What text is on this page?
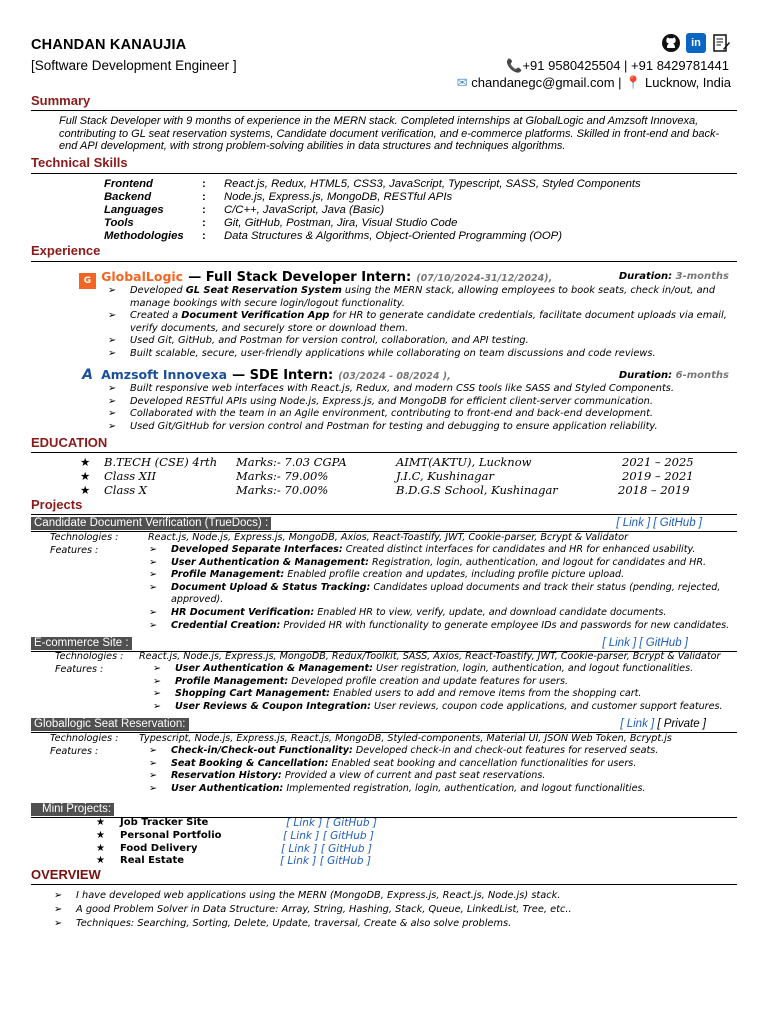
CHANDAN KANAUJIA
[Software Development Engineer ]
in
📞+91 9580425504 | +91 8429781441
✉ chandanegc@gmail.com | 📍 Lucknow, India
Summary
Full Stack Developer with 9 months of experience in the MERN stack. Completed internships at GlobalLogic and Amzsoft Innovexa, contributing to GL seat reservation systems, Candidate document verification, and e-commerce platforms. Skilled in front-end and back-end API development, with strong problem-solving abilities in data structures and techniques algorithms.
Technical Skills
Frontend	:	React.js, Redux, HTML5, CSS3, JavaScript, Typescript, SASS, Styled Components
Backend	:	Node.js, Express.js, MongoDB, RESTful APIs
Languages	:	C/C++, JavaScript, Java (Basic)
Tools	:	Git, GitHub, Postman, Jira, Visual Studio Code
Methodologies	:	Data Structures & Algorithms, Object-Oriented Programming (OOP)
Experience
G GlobalLogic — Full Stack Developer Intern: (07/10/2024-31/12/2024),	Duration: 3-months
➢ Developed GL Seat Reservation System using the MERN stack, allowing employees to book seats, check in/out, and manage bookings with secure login/logout functionality.
➢ Created a Document Verification App for HR to generate candidate credentials, facilitate document uploads via email, verify documents, and securely store or download them.
➢ Used Git, GitHub, and Postman for version control, collaboration, and API testing.
➢ Built scalable, secure, user-friendly applications while collaborating on team discussions and code reviews.
A Amzsoft Innovexa — SDE Intern: (03/2024 - 08/2024 ),	Duration: 6-months
➢ Built responsive web interfaces with React.js, Redux, and modern CSS tools like SASS and Styled Components.
➢ Developed RESTful APIs using Node.js, Express.js, and MongoDB for efficient client-server communication.
➢ Collaborated with the team in an Agile environment, contributing to front-end and back-end development.
➢ Used Git/GitHub for version control and Postman for testing and debugging to ensure application reliability.
EDUCATION
★ B.TECH (CSE) 4rth Marks:- 7.03 CGPA	AIMT(AKTU), Lucknow	2021 – 2025
★ Class XII	Marks:- 79.00%	J.I.C, Kushinagar	2019 – 2021
★ Class X	Marks:- 70.00%	B.D.G.S School, Kushinagar	2018 – 2019
Projects
Candidate Document Verification (TrueDocs) :	[ Link ] [ GitHub ]
Technologies :	React.js, Node.js, Express.js, MongoDB, Axios, React-Toastify, JWT, Cookie-parser, Bcrypt & Validator
Features :	➢ Developed Separate Interfaces: Created distinct interfaces for candidates and HR for enhanced usability.
➢ User Authentication & Management: Registration, login, authentication, and logout for candidates and HR.
➢ Profile Management: Enabled profile creation and updates, including profile picture upload.
➢ Document Upload & Status Tracking: Candidates upload documents and track their status (pending, rejected, approved).
➢ HR Document Verification: Enabled HR to view, verify, update, and download candidate documents.
➢ Credential Creation: Provided HR with functionality to generate employee IDs and passwords for new candidates.
E-commerce Site :	[ Link ] [ GitHub ]
Technologies : React.js, Node.js, Express.js, MongoDB, Redux/Toolkit, SASS, Axios, React-Toastify, JWT, Cookie-parser, Bcrypt & Validator
Features :	➢ User Authentication & Management: User registration, login, authentication, and logout functionalities.
➢ Profile Management: Developed profile creation and update features for users.
➢ Shopping Cart Management: Enabled users to add and remove items from the shopping cart.
➢ User Reviews & Coupon Integration: User reviews, coupon code applications, and customer support features.
Globallogic Seat Reservation:	[ Link ] [ Private ]
Technologies : Typescript, Node.js, Express.js, React.js, MongoDB, Styled-components, Material UI, JSON Web Token, Bcrypt.js
Features :	➢ Check-in/Check-out Functionality: Developed check-in and check-out features for reserved seats.
➢ Seat Booking & Cancellation: Enabled seat booking and cancellation functionalities for users.
➢ Reservation History: Provided a view of current and past seat reservations.
➢ User Authentication: Implemented registration, login, authentication, and logout functionalities.
Mini Projects:
★ Job Tracker Site	[ Link ] [ GitHub ]
★ Personal Portfolio	[ Link ] [ GitHub ]
★ Food Delivery	[ Link ] [ GitHub ]
★ Real Estate	[ Link ] [ GitHub ]
OVERVIEW
➢ I have developed web applications using the MERN (MongoDB, Express.js, React.js, Node.js) stack.
➢ A good Problem Solver in Data Structure: Array, String, Hashing, Stack, Queue, LinkedList, Tree, etc..
➢ Techniques: Searching, Sorting, Delete, Update, traversal, Create & also solve problems.
